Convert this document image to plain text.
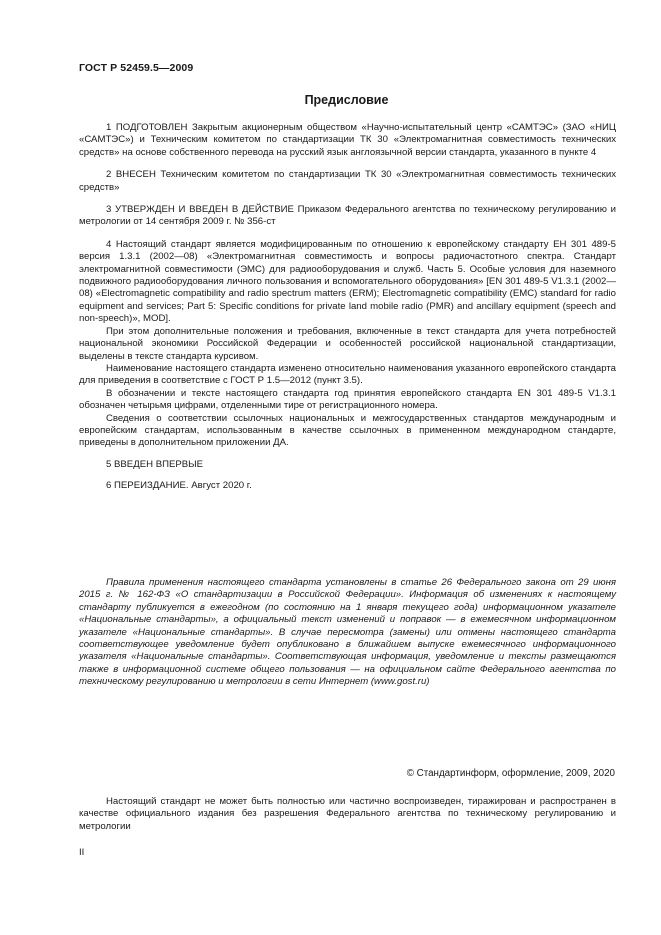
ГОСТ Р 52459.5—2009
Предисловие

1 ПОДГОТОВЛЕН Закрытым акционерным обществом «Научно-испытательный центр «САМТЭС» (ЗАО «НИЦ «САМТЭС») и Техническим комитетом по стандартизации ТК 30 «Электромагнитная совместимость технических средств» на основе собственного перевода на русский язык англоязычной версии стандарта, указанного в пункте 4

2 ВНЕСЕН Техническим комитетом по стандартизации ТК 30 «Электромагнитная совместимость технических средств»

3 УТВЕРЖДЕН И ВВЕДЕН В ДЕЙСТВИЕ Приказом Федерального агентства по техническому регулированию и метрологии от 14 сентября 2009 г. № 356-ст

4 Настоящий стандарт является модифицированным по отношению к европейскому стандарту ЕН 301 489-5 версия 1.3.1 (2002—08) «Электромагнитная совместимость и вопросы радиочастотного спектра. Стандарт электромагнитной совместимости (ЭМС) для радиооборудования и служб. Часть 5. Особые условия для наземного подвижного радиооборудования личного пользования и вспомогательного оборудования» [EN 301 489-5 V1.3.1 (2002—08) «Electromagnetic compatibility and radio spectrum matters (ERM); Electromagnetic compatibility (EMC) standard for radio equipment and services; Part 5: Specific conditions for private land mobile radio (PMR) and ancillary equipment (speech and non-speech)», MOD].

При этом дополнительные положения и требования, включенные в текст стандарта для учета потребностей национальной экономики Российской Федерации и особенностей российской национальной стандартизации, выделены в тексте стандарта курсивом.

Наименование настоящего стандарта изменено относительно наименования указанного европейского стандарта для приведения в соответствие с ГОСТ Р 1.5—2012 (пункт 3.5).

В обозначении и тексте настоящего стандарта год принятия европейского стандарта EN 301 489-5 V1.3.1 обозначен четырьмя цифрами, отделенными тире от регистрационного номера.

Сведения о соответствии ссылочных национальных и межгосударственных стандартов международным и европейским стандартам, использованным в качестве ссылочных в примененном международном стандарте, приведены в дополнительном приложении ДА.

5 ВВЕДЕН ВПЕРВЫЕ

6 ПЕРЕИЗДАНИЕ. Август 2020 г.

Правила применения настоящего стандарта установлены в статье 26 Федерального закона от 29 июня 2015 г. № 162-ФЗ «О стандартизации в Российской Федерации». Информация об изменениях к настоящему стандарту публикуется в ежегодном (по состоянию на 1 января текущего года) информационном указателе «Национальные стандарты», а официальный текст изменений и поправок — в ежемесячном информационном указателе «Национальные стандарты». В случае пересмотра (замены) или отмены настоящего стандарта соответствующее уведомление будет опубликовано в ближайшем выпуске ежемесячного информационного указателя «Национальные стандарты». Соответствующая информация, уведомление и тексты размещаются также в информационной системе общего пользования — на официальном сайте Федерального агентства по техническому регулированию и метрологии в сети Интернет (www.gost.ru)

© Стандартинформ, оформление, 2009, 2020

Настоящий стандарт не может быть полностью или частично воспроизведен, тиражирован и распространен в качестве официального издания без разрешения Федерального агентства по техническому регулированию и метрологии

II
